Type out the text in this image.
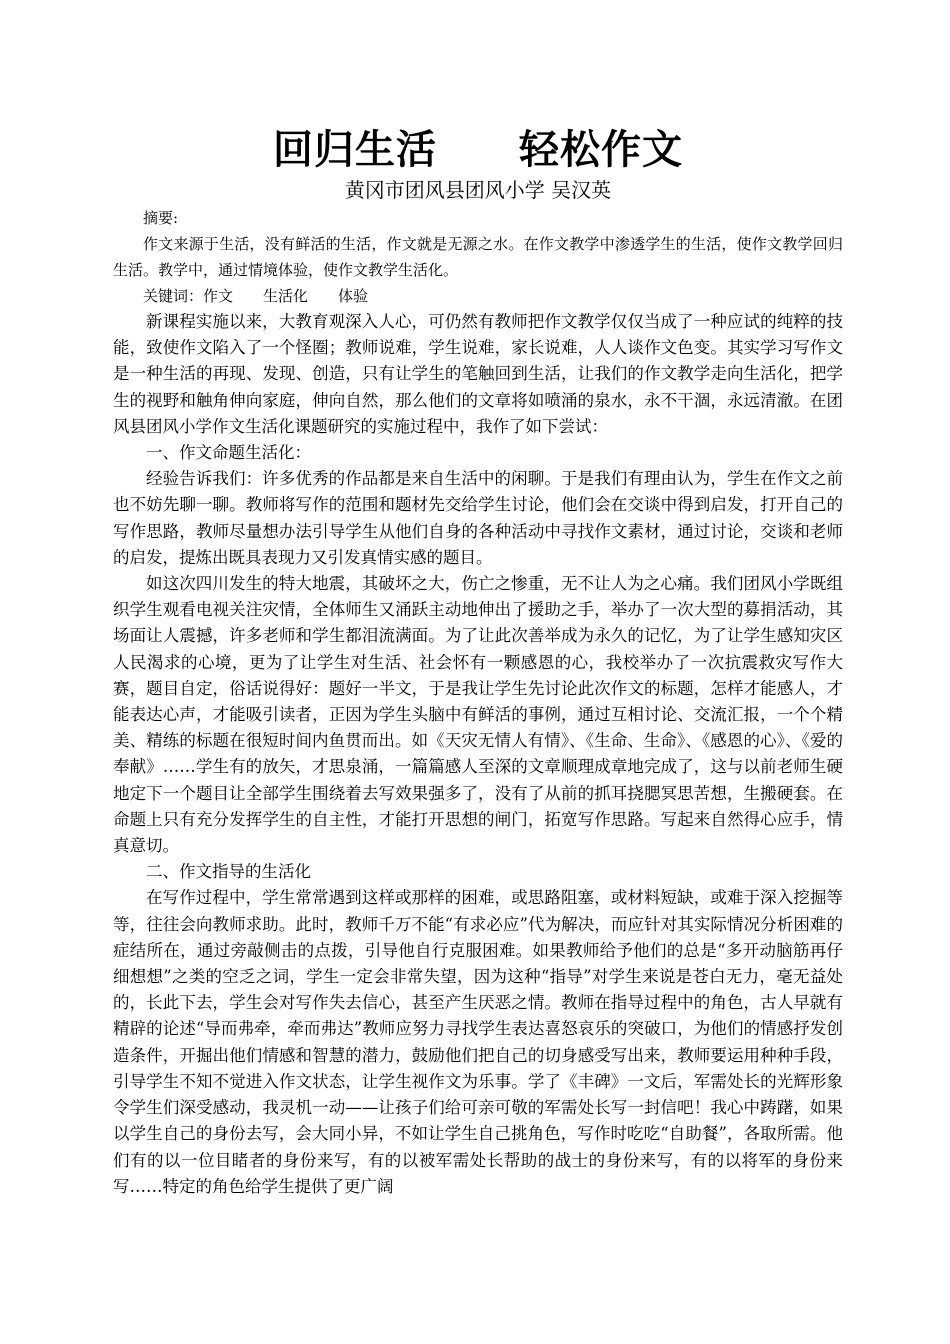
回归生活　　轻松作文
黄冈市团风县团风小学 吴汉英
摘要:
作文来源于生活，没有鲜活的生活，作文就是无源之水。在作文教学中渗透学生的生活，使作文教学回归生活。教学中，通过情境体验，使作文教学生活化。
关键词：作文　　生活化　　体验
新课程实施以来，大教育观深入人心，可仍然有教师把作文教学仅仅当成了一种应试的纯粹的技能，致使作文陷入了一个怪圈；教师说难，学生说难，家长说难，人人谈作文色变。其实学习写作文是一种生活的再现、发现、创造，只有让学生的笔触回到生活，让我们的作文教学走向生活化，把学生的视野和触角伸向家庭，伸向自然，那么他们的文章将如喷涌的泉水，永不干涸，永远清澈。在团风县团风小学作文生活化课题研究的实施过程中，我作了如下尝试：
一、作文命题生活化：
经验告诉我们：许多优秀的作品都是来自生活中的闲聊。于是我们有理由认为，学生在作文之前也不妨先聊一聊。教师将写作的范围和题材先交给学生讨论，他们会在交谈中得到启发，打开自己的写作思路，教师尽量想办法引导学生从他们自身的各种活动中寻找作文素材，通过讨论，交谈和老师的启发，提炼出既具表现力又引发真情实感的题目。
如这次四川发生的特大地震，其破坏之大，伤亡之惨重，无不让人为之心痛。我们团风小学既组织学生观看电视关注灾情，全体师生又涌跃主动地伸出了援助之手，举办了一次大型的募捐活动，其场面让人震撼，许多老师和学生都泪流满面。为了让此次善举成为永久的记忆，为了让学生感知灾区人民渴求的心境，更为了让学生对生活、社会怀有一颗感恩的心，我校举办了一次抗震救灾写作大赛，题目自定，俗话说得好：题好一半文，于是我让学生先讨论此次作文的标题，怎样才能感人，才能表达心声，才能吸引读者，正因为学生头脑中有鲜活的事例，通过互相讨论、交流汇报，一个个精美、精练的标题在很短时间内鱼贯而出。如《天灾无情人有情》、《生命、生命》、《感恩的心》、《爱的奉献》……学生有的放矢，才思泉涌，一篇篇感人至深的文章顺理成章地完成了，这与以前老师生硬地定下一个题目让全部学生围绕着去写效果强多了，没有了从前的抓耳挠腮冥思苦想，生搬硬套。在命题上只有充分发挥学生的自主性，才能打开思想的闸门，拓宽写作思路。写起来自然得心应手，情真意切。
二、作文指导的生活化
在写作过程中，学生常常遇到这样或那样的困难，或思路阻塞，或材料短缺，或难于深入挖掘等等，往往会向教师求助。此时，教师千万不能“有求必应”代为解决，而应针对其实际情况分析困难的症结所在，通过旁敲侧击的点拨，引导他自行克服困难。如果教师给予他们的总是“多开动脑筋再仔细想想”之类的空乏之词，学生一定会非常失望，因为这种“指导”对学生来说是苍白无力，毫无益处的，长此下去，学生会对写作失去信心，甚至产生厌恶之情。教师在指导过程中的角色，古人早就有精辟的论述“导而弗牵，牵而弗达”教师应努力寻找学生表达喜怒哀乐的突破口，为他们的情感抒发创造条件，开掘出他们情感和智慧的潜力，鼓励他们把自己的切身感受写出来，教师要运用种种手段，引导学生不知不觉进入作文状态，让学生视作文为乐事。学了《丰碑》一文后，军需处长的光辉形象令学生们深受感动，我灵机一动——让孩子们给可亲可敬的军需处长写一封信吧！我心中踌躇，如果以学生自己的身份去写，会大同小异，不如让学生自己挑角色，写作时吃吃“自助餐”，各取所需。他们有的以一位目睹者的身份来写，有的以被军需处长帮助的战士的身份来写，有的以将军的身份来写……特定的角色给学生提供了更广阔
